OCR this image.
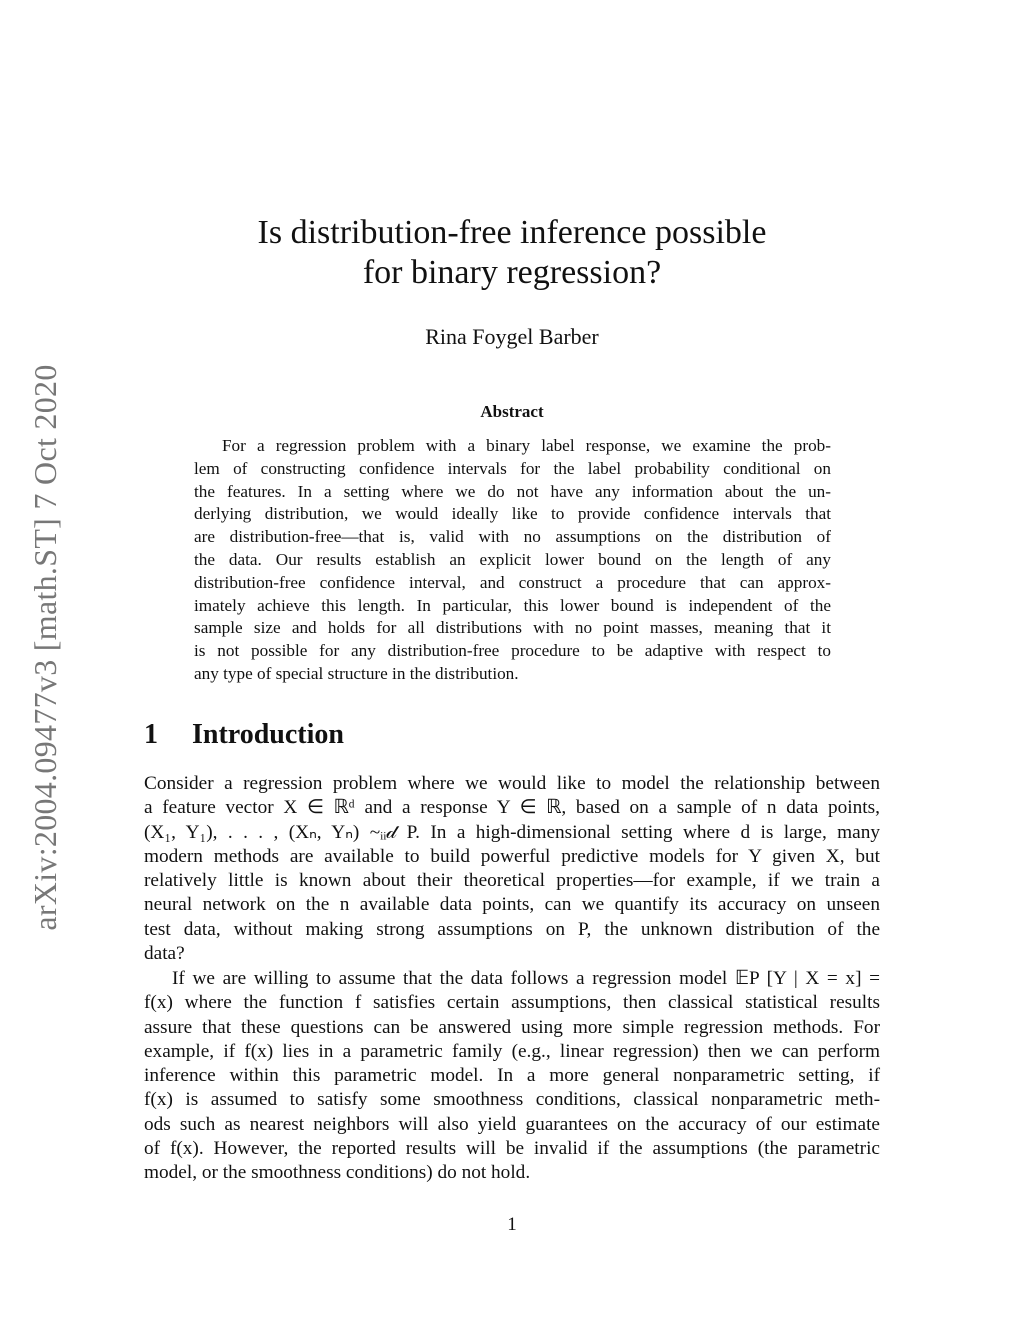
arXiv:2004.09477v3 [math.ST] 7 Oct 2020
Is distribution-free inference possible
for binary regression?
Rina Foygel Barber
Abstract
For a regression problem with a binary label response, we examine the prob-
lem of constructing confidence intervals for the label probability conditional on
the features. In a setting where we do not have any information about the un-
derlying distribution, we would ideally like to provide confidence intervals that
are distribution-free—that is, valid with no assumptions on the distribution of
the data. Our results establish an explicit lower bound on the length of any
distribution-free confidence interval, and construct a procedure that can approx-
imately achieve this length. In particular, this lower bound is independent of the
sample size and holds for all distributions with no point masses, meaning that it
is not possible for any distribution-free procedure to be adaptive with respect to
any type of special structure in the distribution.
1 Introduction
Consider a regression problem where we would like to model the relationship between
a feature vector X ∈ ℝᵈ and a response Y ∈ ℝ, based on a sample of n data points,
(X₁, Y₁), . . . , (Xₙ, Yₙ) ~ᵢᵢ𝒹 P. In a high-dimensional setting where d is large, many
modern methods are available to build powerful predictive models for Y given X, but
relatively little is known about their theoretical properties—for example, if we train a
neural network on the n available data points, can we quantify its accuracy on unseen
test data, without making strong assumptions on P, the unknown distribution of the
data?
If we are willing to assume that the data follows a regression model 𝔼P [Y | X = x] =
f(x) where the function f satisfies certain assumptions, then classical statistical results
assure that these questions can be answered using more simple regression methods. For
example, if f(x) lies in a parametric family (e.g., linear regression) then we can perform
inference within this parametric model. In a more general nonparametric setting, if
f(x) is assumed to satisfy some smoothness conditions, classical nonparametric meth-
ods such as nearest neighbors will also yield guarantees on the accuracy of our estimate
of f(x). However, the reported results will be invalid if the assumptions (the parametric
model, or the smoothness conditions) do not hold.
1
